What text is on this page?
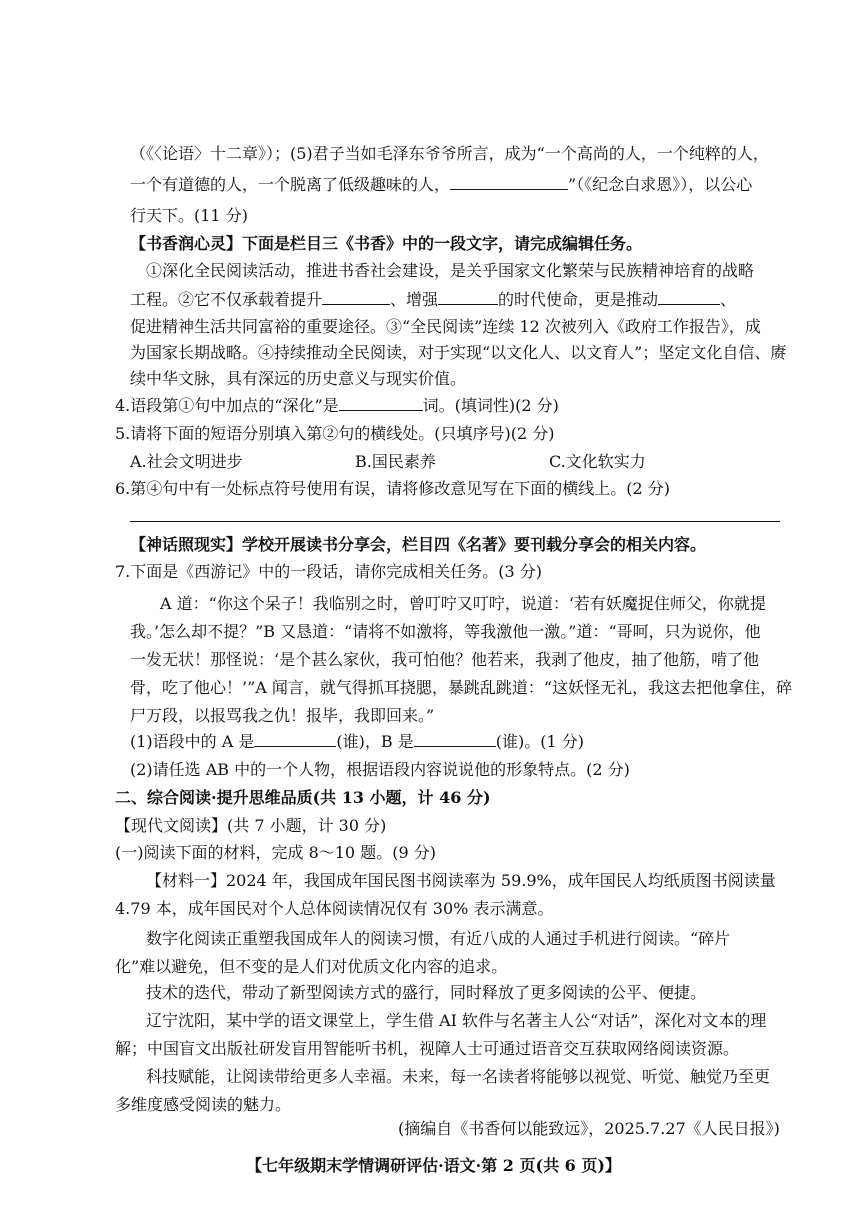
（《〈论语〉十二章》）；(5)君子当如毛泽东爷爷所言，成为“一个高尚的人，一个纯粹的人，
一个有道德的人，一个脱离了低级趣味的人，	”（《纪念白求恩》），以公心
行天下。(11 分)
【书香润心灵】下面是栏目三《书香》中的一段文字，请完成编辑任务。
①深化全民阅读活动，推进书香社会建设，是关乎国家文化繁荣与民族精神培育的战略
工程。②它不仅承载着提升	、增强	的时代使命，更是推动	、
促进精神生活共同富裕的重要途径。③“全民阅读”连续 12 次被列入《政府工作报告》，成
为国家长期战略。④持续推动全民阅读，对于实现“以文化人、以文育人”；坚定文化自信、赓
续中华文脉，具有深远的历史意义与现实价值。
4.语段第①句中加点的“深化”是	词。(填词性)(2 分)
5.请将下面的短语分别填入第②句的横线处。(只填序号)(2 分)
A.社会文明进步	B.国民素养	C.文化软实力
6.第④句中有一处标点符号使用有误，请将修改意见写在下面的横线上。(2 分)
【神话照现实】学校开展读书分享会，栏目四《名著》要刊载分享会的相关内容。
7.下面是《西游记》中的一段话，请你完成相关任务。(3 分)
A 道：“你这个呆子！我临别之时，曾叮咛又叮咛，说道：‘若有妖魔捉住师父，你就提
我。’怎么却不提？”B 又恳道：“请将不如激将，等我激他一激。”道：“哥呵，只为说你，他
一发无状！那怪说：‘是个甚么家伙，我可怕他？他若来，我剥了他皮，抽了他筋，啃了他
骨，吃了他心！’”A 闻言，就气得抓耳挠腮，暴跳乱跳道：“这妖怪无礼，我这去把他拿住，碎
尸万段，以报骂我之仇！报毕，我即回来。”
(1)语段中的 A 是	(谁)，B 是	(谁)。(1 分)
(2)请任选 AB 中的一个人物，根据语段内容说说他的形象特点。(2 分)
二、综合阅读·提升思维品质(共 13 小题，计 46 分)
【现代文阅读】(共 7 小题，计 30 分)
(一)阅读下面的材料，完成 8～10 题。(9 分)
【材料一】2024 年，我国成年国民图书阅读率为 59.9%，成年国民人均纸质图书阅读量
4.79 本，成年国民对个人总体阅读情况仅有 30% 表示满意。
数字化阅读正重塑我国成年人的阅读习惯，有近八成的人通过手机进行阅读。“碎片
化”难以避免，但不变的是人们对优质文化内容的追求。
技术的迭代，带动了新型阅读方式的盛行，同时释放了更多阅读的公平、便捷。
辽宁沈阳，某中学的语文课堂上，学生借 AI 软件与名著主人公“对话”，深化对文本的理
解；中国盲文出版社研发盲用智能听书机，视障人士可通过语音交互获取网络阅读资源。
科技赋能，让阅读带给更多人幸福。未来，每一名读者将能够以视觉、听觉、触觉乃至更
多维度感受阅读的魅力。
(摘编自《书香何以能致远》，2025.7.27《人民日报》)
【七年级期末学情调研评估·语文·第 2 页(共 6 页)】
